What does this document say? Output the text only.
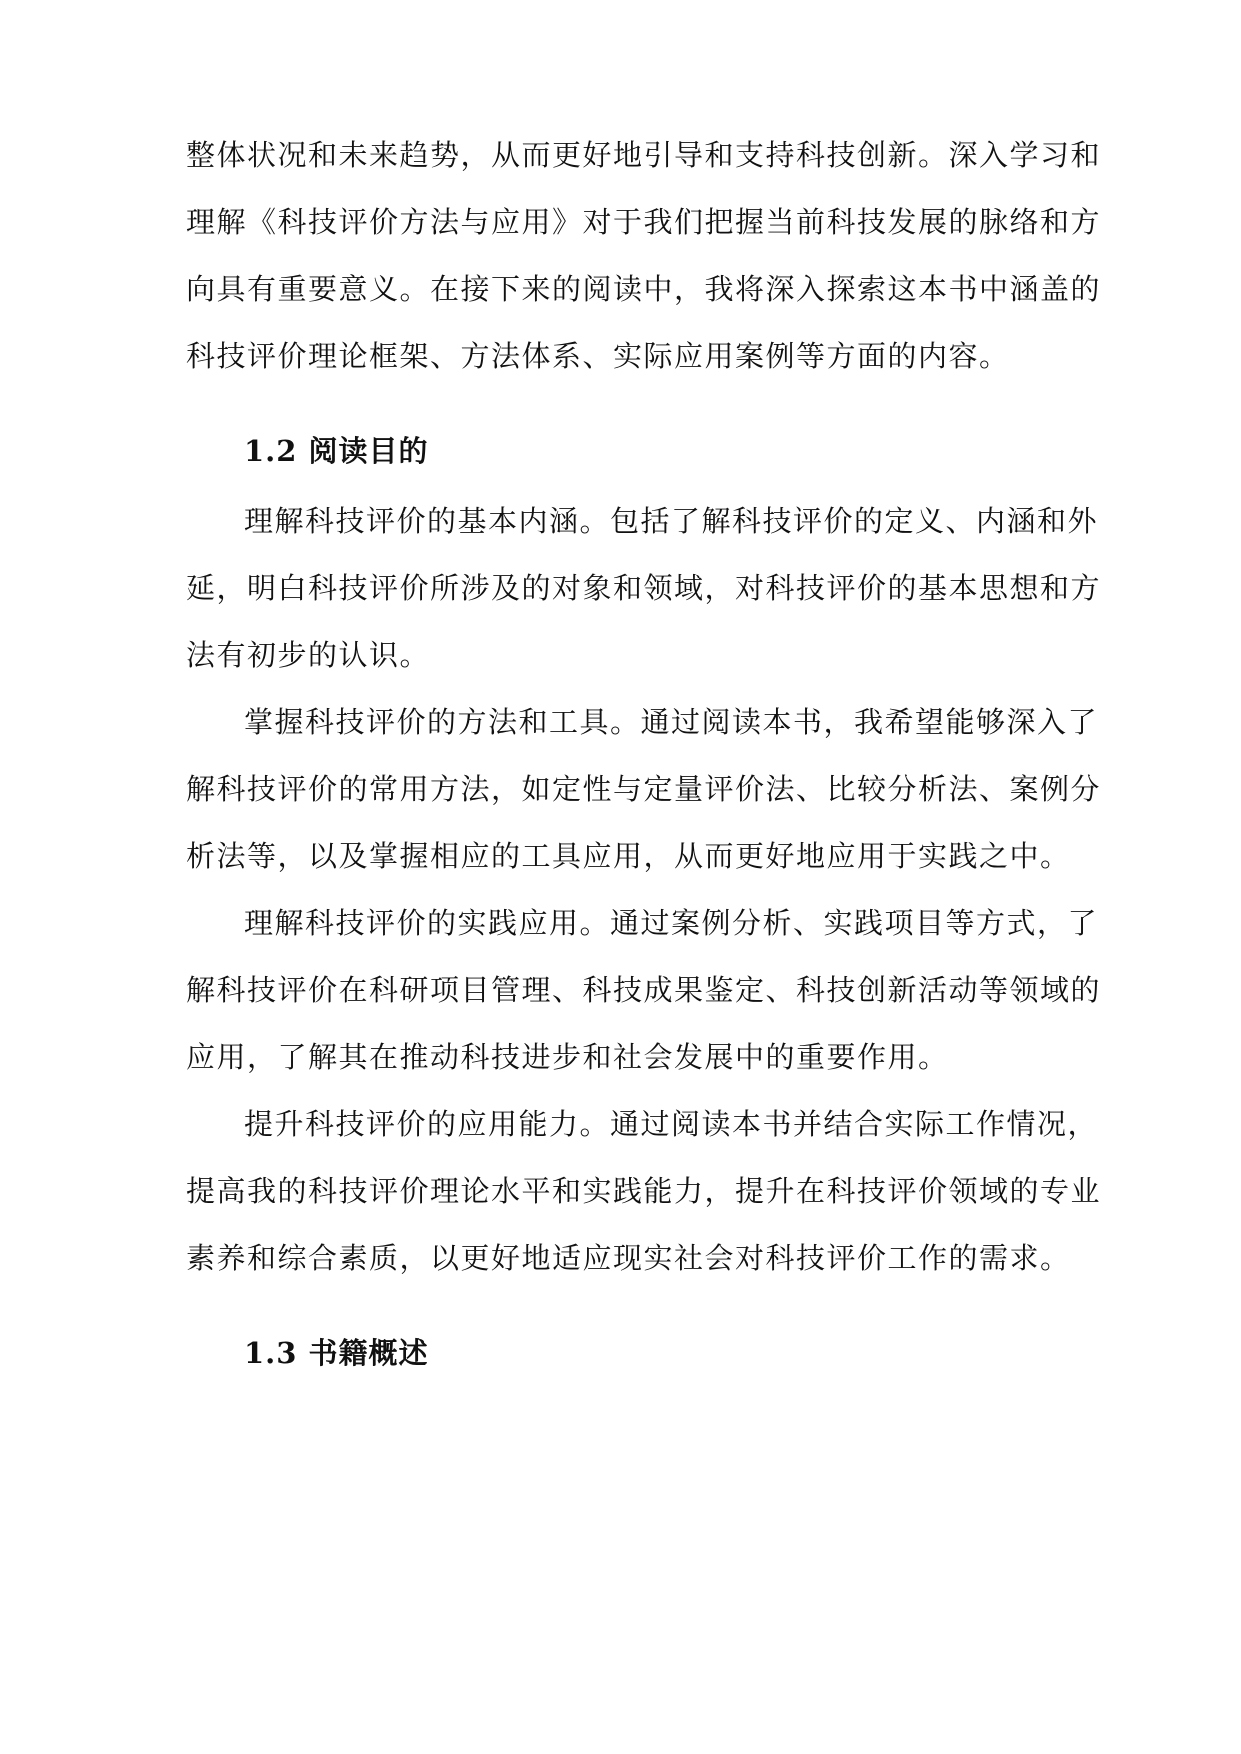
整体状况和未来趋势，从而更好地引导和支持科技创新。深入学习和
理解《科技评价方法与应用》对于我们把握当前科技发展的脉络和方
向具有重要意义。在接下来的阅读中，我将深入探索这本书中涵盖的
科技评价理论框架、方法体系、实际应用案例等方面的内容。
1.2 阅读目的
理解科技评价的基本内涵。包括了解科技评价的定义、内涵和外
延，明白科技评价所涉及的对象和领域，对科技评价的基本思想和方
法有初步的认识。
掌握科技评价的方法和工具。通过阅读本书，我希望能够深入了
解科技评价的常用方法，如定性与定量评价法、比较分析法、案例分
析法等，以及掌握相应的工具应用，从而更好地应用于实践之中。
理解科技评价的实践应用。通过案例分析、实践项目等方式，了
解科技评价在科研项目管理、科技成果鉴定、科技创新活动等领域的
应用，了解其在推动科技进步和社会发展中的重要作用。
提升科技评价的应用能力。通过阅读本书并结合实际工作情况，
提高我的科技评价理论水平和实践能力，提升在科技评价领域的专业
素养和综合素质，以更好地适应现实社会对科技评价工作的需求。
1.3 书籍概述
